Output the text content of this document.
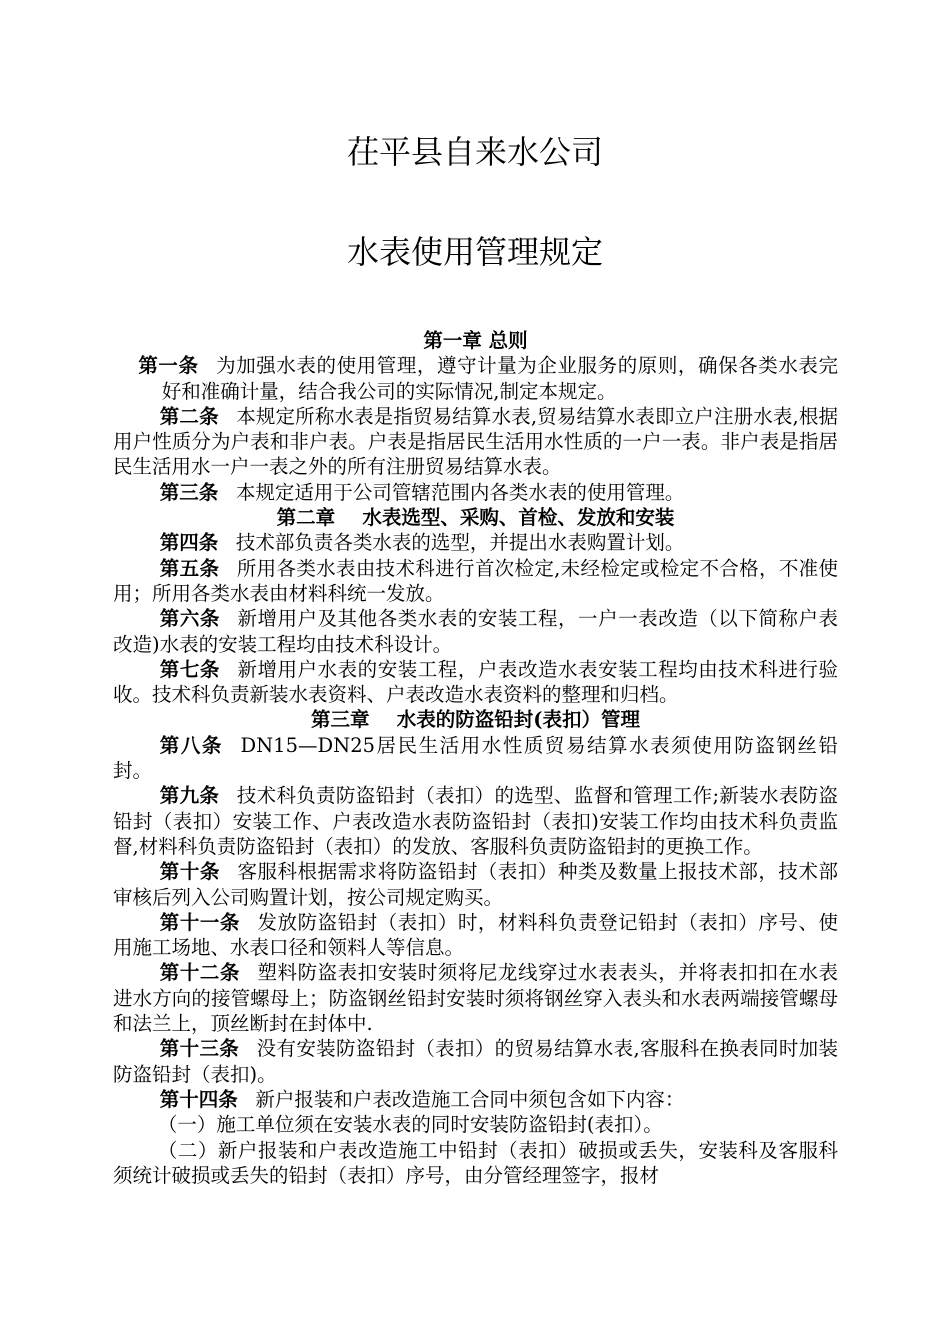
茌平县自来水公司
水表使用管理规定

第一章 总则

第一条 为加强水表的使用管理，遵守计量为企业服务的原则，确保各类水表完好和准确计量，结合我公司的实际情况,制定本规定。

第二条 本规定所称水表是指贸易结算水表,贸易结算水表即立户注册水表,根据用户性质分为户表和非户表。户表是指居民生活用水性质的一户一表。非户表是指居民生活用水一户一表之外的所有注册贸易结算水表。

第三条 本规定适用于公司管辖范围内各类水表的使用管理。

第二章 水表选型、采购、首检、发放和安装

第四条 技术部负责各类水表的选型，并提出水表购置计划。

第五条 所用各类水表由技术科进行首次检定,未经检定或检定不合格，不准使用；所用各类水表由材料科统一发放。

第六条 新增用户及其他各类水表的安装工程，一户一表改造（以下简称户表改造)水表的安装工程均由技术科设计。

第七条 新增用户水表的安装工程，户表改造水表安装工程均由技术科进行验收。技术科负责新装水表资料、户表改造水表资料的整理和归档。

第三章 水表的防盗铅封(表扣）管理

第八条 DN15—DN25居民生活用水性质贸易结算水表须使用防盗钢丝铅封。

第九条 技术科负责防盗铅封（表扣）的选型、监督和管理工作;新装水表防盗铅封（表扣）安装工作、户表改造水表防盗铅封（表扣)安装工作均由技术科负责监督,材料科负责防盗铅封（表扣）的发放、客服科负责防盗铅封的更换工作。

第十条 客服科根据需求将防盗铅封（表扣）种类及数量上报技术部，技术部审核后列入公司购置计划，按公司规定购买。

第十一条 发放防盗铅封（表扣）时，材料科负责登记铅封（表扣）序号、使用施工场地、水表口径和领料人等信息。

第十二条 塑料防盗表扣安装时须将尼龙线穿过水表表头，并将表扣扣在水表进水方向的接管螺母上；防盗钢丝铅封安装时须将钢丝穿入表头和水表两端接管螺母和法兰上，顶丝断封在封体中.

第十三条 没有安装防盗铅封（表扣）的贸易结算水表,客服科在换表同时加装防盗铅封（表扣)。

第十四条 新户报装和户表改造施工合同中须包含如下内容：

（一）施工单位须在安装水表的同时安装防盗铅封(表扣）。

（二）新户报装和户表改造施工中铅封（表扣）破损或丢失，安装科及客服科须统计破损或丢失的铅封（表扣）序号，由分管经理签字，报材
